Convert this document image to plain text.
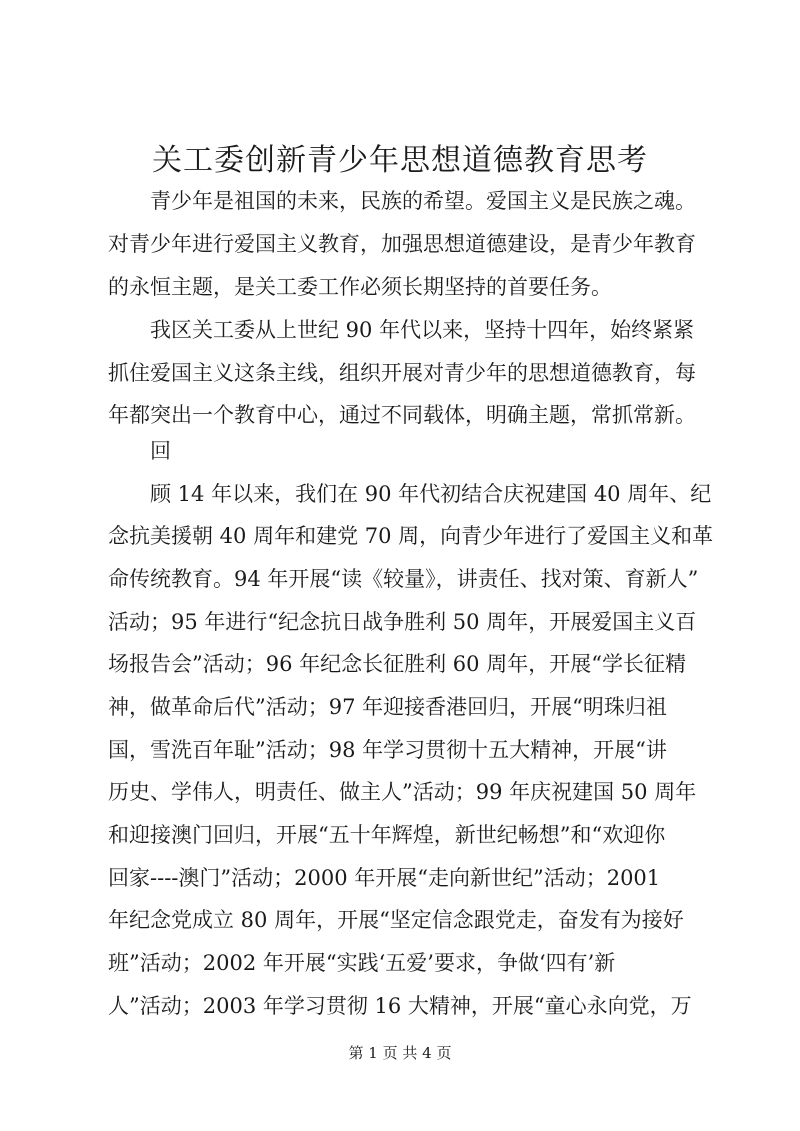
关工委创新青少年思想道德教育思考

青少年是祖国的未来，民族的希望。爱国主义是民族之魂。

对青少年进行爱国主义教育，加强思想道德建设，是青少年教育

的永恒主题，是关工委工作必须长期坚持的首要任务。

我区关工委从上世纪 90 年代以来，坚持十四年，始终紧紧

抓住爱国主义这条主线，组织开展对青少年的思想道德教育，每

年都突出一个教育中心，通过不同载体，明确主题，常抓常新。

回

顾 14 年以来，我们在 90 年代初结合庆祝建国 40 周年、纪

念抗美援朝 40 周年和建党 70 周，向青少年进行了爱国主义和革

命传统教育。94 年开展“读《较量》，讲责任、找对策、育新人”

活动；95 年进行“纪念抗日战争胜利 50 周年，开展爱国主义百

场报告会”活动；96 年纪念长征胜利 60 周年，开展“学长征精

神，做革命后代”活动；97 年迎接香港回归，开展“明珠归祖

国，雪洗百年耻”活动；98 年学习贯彻十五大精神，开展“讲

历史、学伟人，明责任、做主人”活动；99 年庆祝建国 50 周年

和迎接澳门回归，开展“五十年辉煌，新世纪畅想”和“欢迎你

回家----澳门”活动；2000 年开展“走向新世纪”活动；2001

年纪念党成立 80 周年，开展“坚定信念跟党走，奋发有为接好

班”活动；2002 年开展“实践‘五爱’要求，争做‘四有’新

人”活动；2003 年学习贯彻 16 大精神，开展“童心永向党，万

第 1 页 共 4 页
